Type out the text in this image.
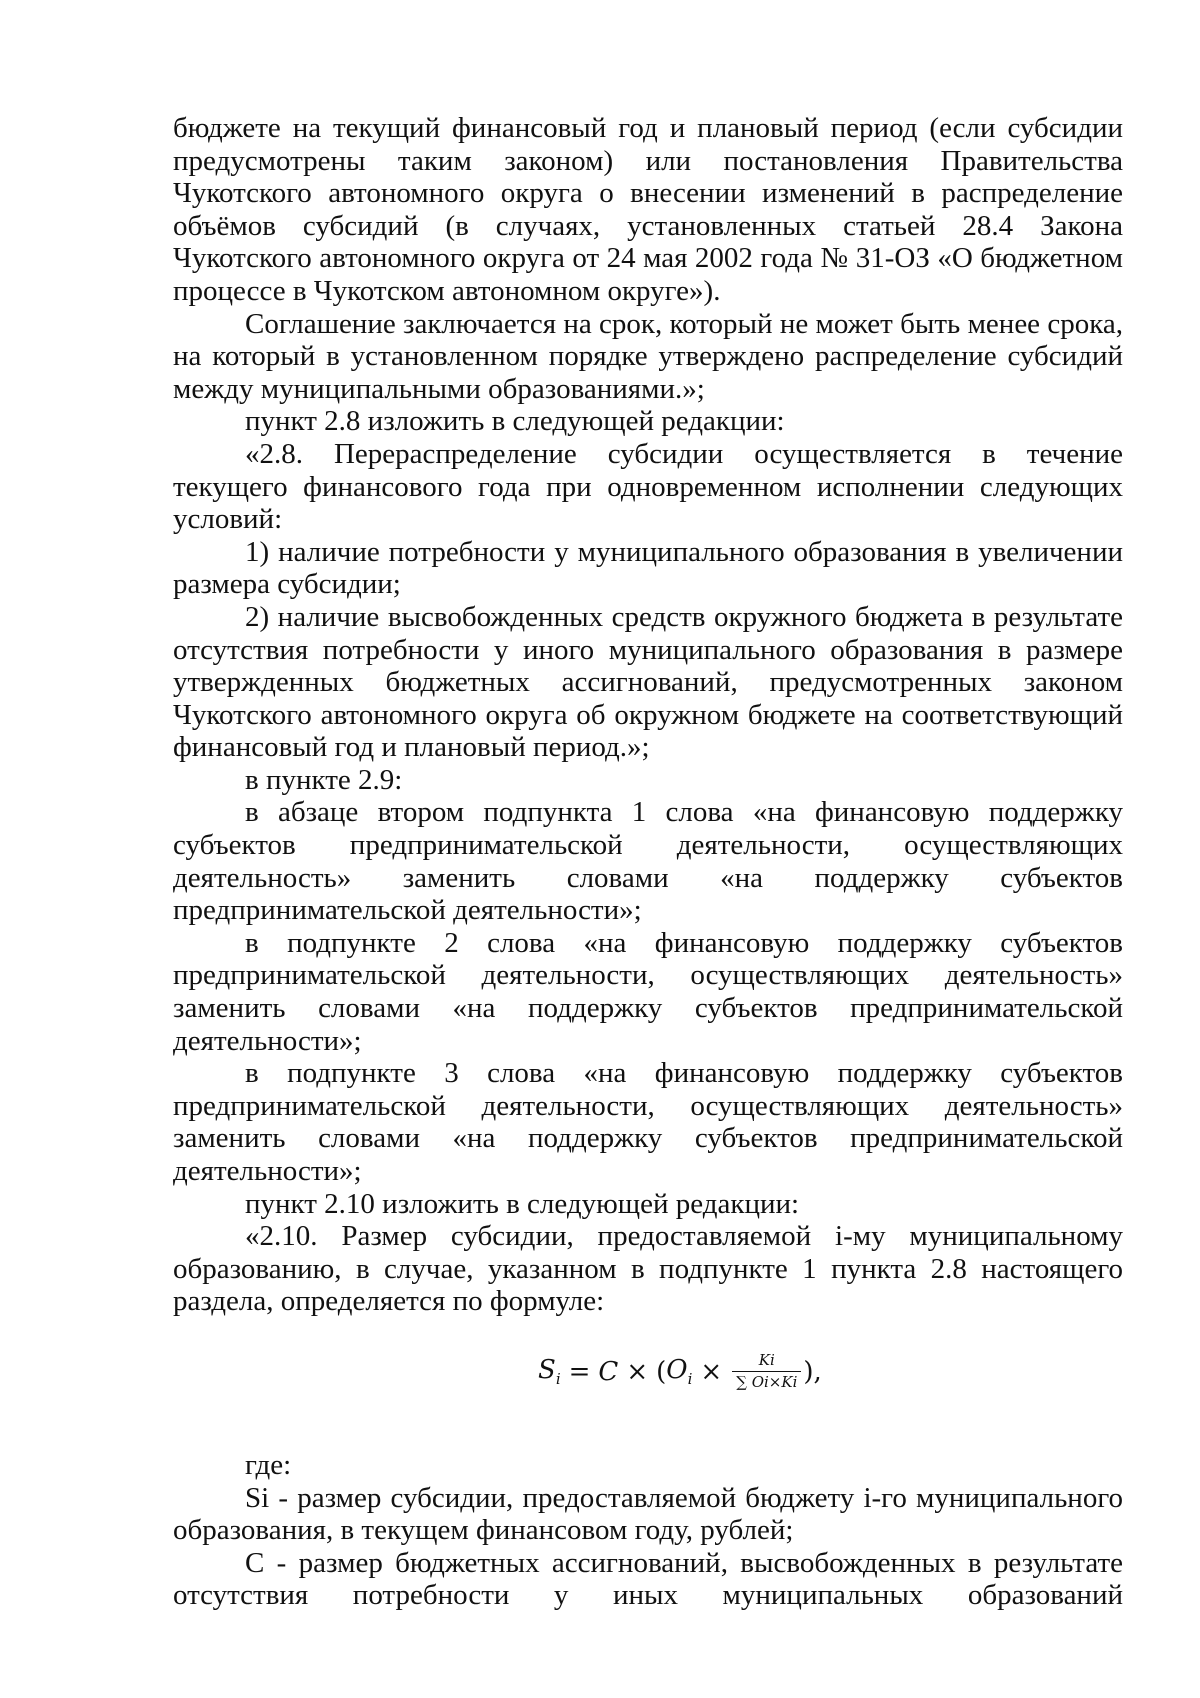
бюджете на текущий финансовый год и плановый период (если субсидии предусмотрены таким законом) или постановления Правительства Чукотского автономного округа о внесении изменений в распределение объёмов субсидий (в случаях, установленных статьей 28.4 Закона Чукотского автономного округа от 24 мая 2002 года № 31-ОЗ «О бюджетном процессе в Чукотском автономном округе»).

Соглашение заключается на срок, который не может быть менее срока, на который в установленном порядке утверждено распределение субсидий между муниципальными образованиями.»;

пункт 2.8 изложить в следующей редакции:

«2.8. Перераспределение субсидии осуществляется в течение текущего финансового года при одновременном исполнении следующих условий:

1) наличие потребности у муниципального образования в увеличении размера субсидии;

2) наличие высвобожденных средств окружного бюджета в результате отсутствия потребности у иного муниципального образования в размере утвержденных бюджетных ассигнований, предусмотренных законом Чукотского автономного округа об окружном бюджете на соответствующий финансовый год и плановый период.»;

в пункте 2.9:

в абзаце втором подпункта 1 слова «на финансовую поддержку субъектов предпринимательской деятельности, осуществляющих деятельность» заменить словами «на поддержку субъектов предпринимательской деятельности»;

в подпункте 2 слова «на финансовую поддержку субъектов предпринимательской деятельности, осуществляющих деятельность» заменить словами «на поддержку субъектов предпринимательской деятельности»;

в подпункте 3 слова «на финансовую поддержку субъектов предпринимательской деятельности, осуществляющих деятельность» заменить словами «на поддержку субъектов предпринимательской деятельности»;

пункт 2.10 изложить в следующей редакции:

«2.10. Размер субсидии, предоставляемой i-му муниципальному образованию, в случае, указанном в подпункте 1 пункта 2.8 настоящего раздела, определяется по формуле:

$S_i = C$ × ( $O_i \times \frac{Ki}{\sum Oi\times Ki}$ ),

где:

Si - размер субсидии, предоставляемой бюджету i-го муниципального образования, в текущем финансовом году, рублей;

С - размер бюджетных ассигнований, высвобожденных в результате отсутствия потребности у иных муниципальных образований
